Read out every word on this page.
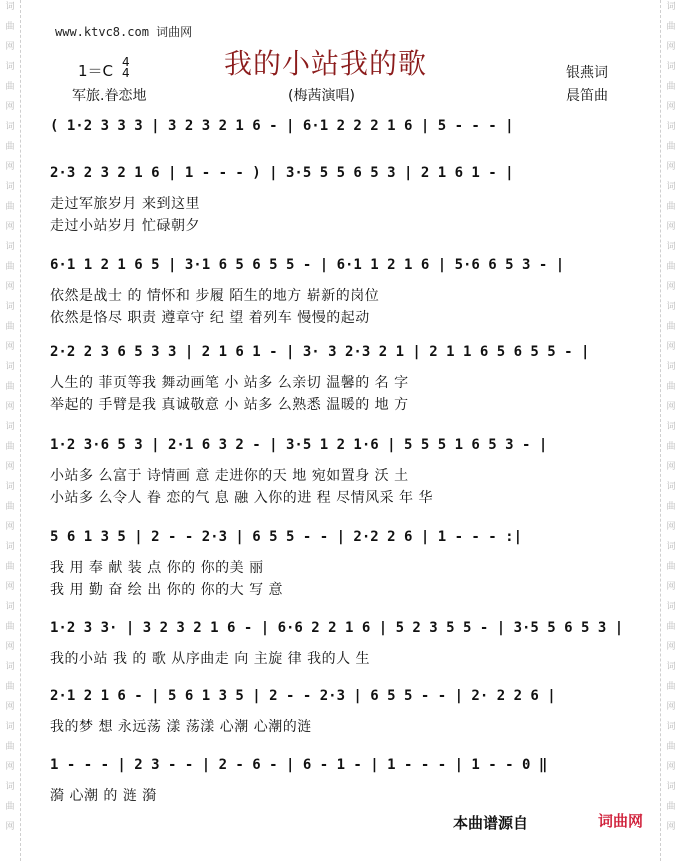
词
曲
网
词
曲
网
词
曲
网
词
曲
网
词
曲
网
词
曲
网
词
曲
网
词
曲
网
词
曲
网
词
曲
网
词
曲
网
词
曲
网
词
曲
网
词
曲
网
词
曲
网
词
曲
网
词
曲
网
词
曲
网
词
曲
网
词
曲
网
词
曲
网
词
曲
网
词
曲
网
词
曲
网
词
曲
网
词
曲
网
词
曲
网
词
曲
网
www.ktvc8.com 词曲网
我的小站我的歌
1＝C 4
4	银燕词
军旅.眷恋地	(梅茜演唱)	晨笛曲
( 1·2 3 3 3 | 3 2 3 2 1 6 - | 6·1 2 2 2 1 6 | 5 - - - |
2·3 2 3 2 1 6 | 1 - - - ) | 3·5 5 5 6 5 3 | 2 1 6 1 - |
走过军旅岁月 来到这里
走过小站岁月 忙碌朝夕
6·1 1 2 1 6 5 | 3·1 6 5 6 5 5 - | 6·1 1 2 1 6 | 5·6 6 5 3 - |
依然是战士 的 情怀和 步履 陌生的地方 崭新的岗位
依然是恪尽 职责 遵章守 纪 望 着列车 慢慢的起动
2·2 2 3 6 5 3 3 | 2 1 6 1 - | 3· 3 2·3 2 1 | 2 1 1 6 5 6 5 5 - |
人生的 菲页等我 舞动画笔 小 站多 么亲切 温馨的 名 字
举起的 手臂是我 真诚敬意 小 站多 么熟悉 温暖的 地 方
1·2 3·6 5 3 | 2·1 6 3 2 - | 3·5 1 2 1·6 | 5 5 5 1 6 5 3 - |
小站多 么富于 诗情画 意 走进你的天 地 宛如置身 沃 土
小站多 么令人 眷 恋的气 息 融 入你的进 程 尽情风采 年 华
5 6 1 3 5 | 2 - - 2·3 | 6 5 5 - - | 2·2 2 6 | 1 - - - :|
我 用 奉 献 装 点 你的 你的美 丽
我 用 勤 奋 绘 出 你的 你的大 写 意
1·2 3 3· | 3 2 3 2 1 6 - | 6·6 2 2 1 6 | 5 2 3 5 5 - | 3·5 5 6 5 3 |
我的小站 我 的 歌 从序曲走 向 主旋 律 我的人 生
2·1 2 1 6 - | 5 6 1 3 5 | 2 - - 2·3 | 6 5 5 - - | 2· 2 2 6 |
我的梦 想 永远荡 漾 荡漾 心潮 心潮的涟
1 - - - | 2 3 - - | 2 - 6 - | 6 - 1 - | 1 - - - | 1 - - 0 ‖
漪 心潮 的 涟 漪
本曲谱源自	词曲网
